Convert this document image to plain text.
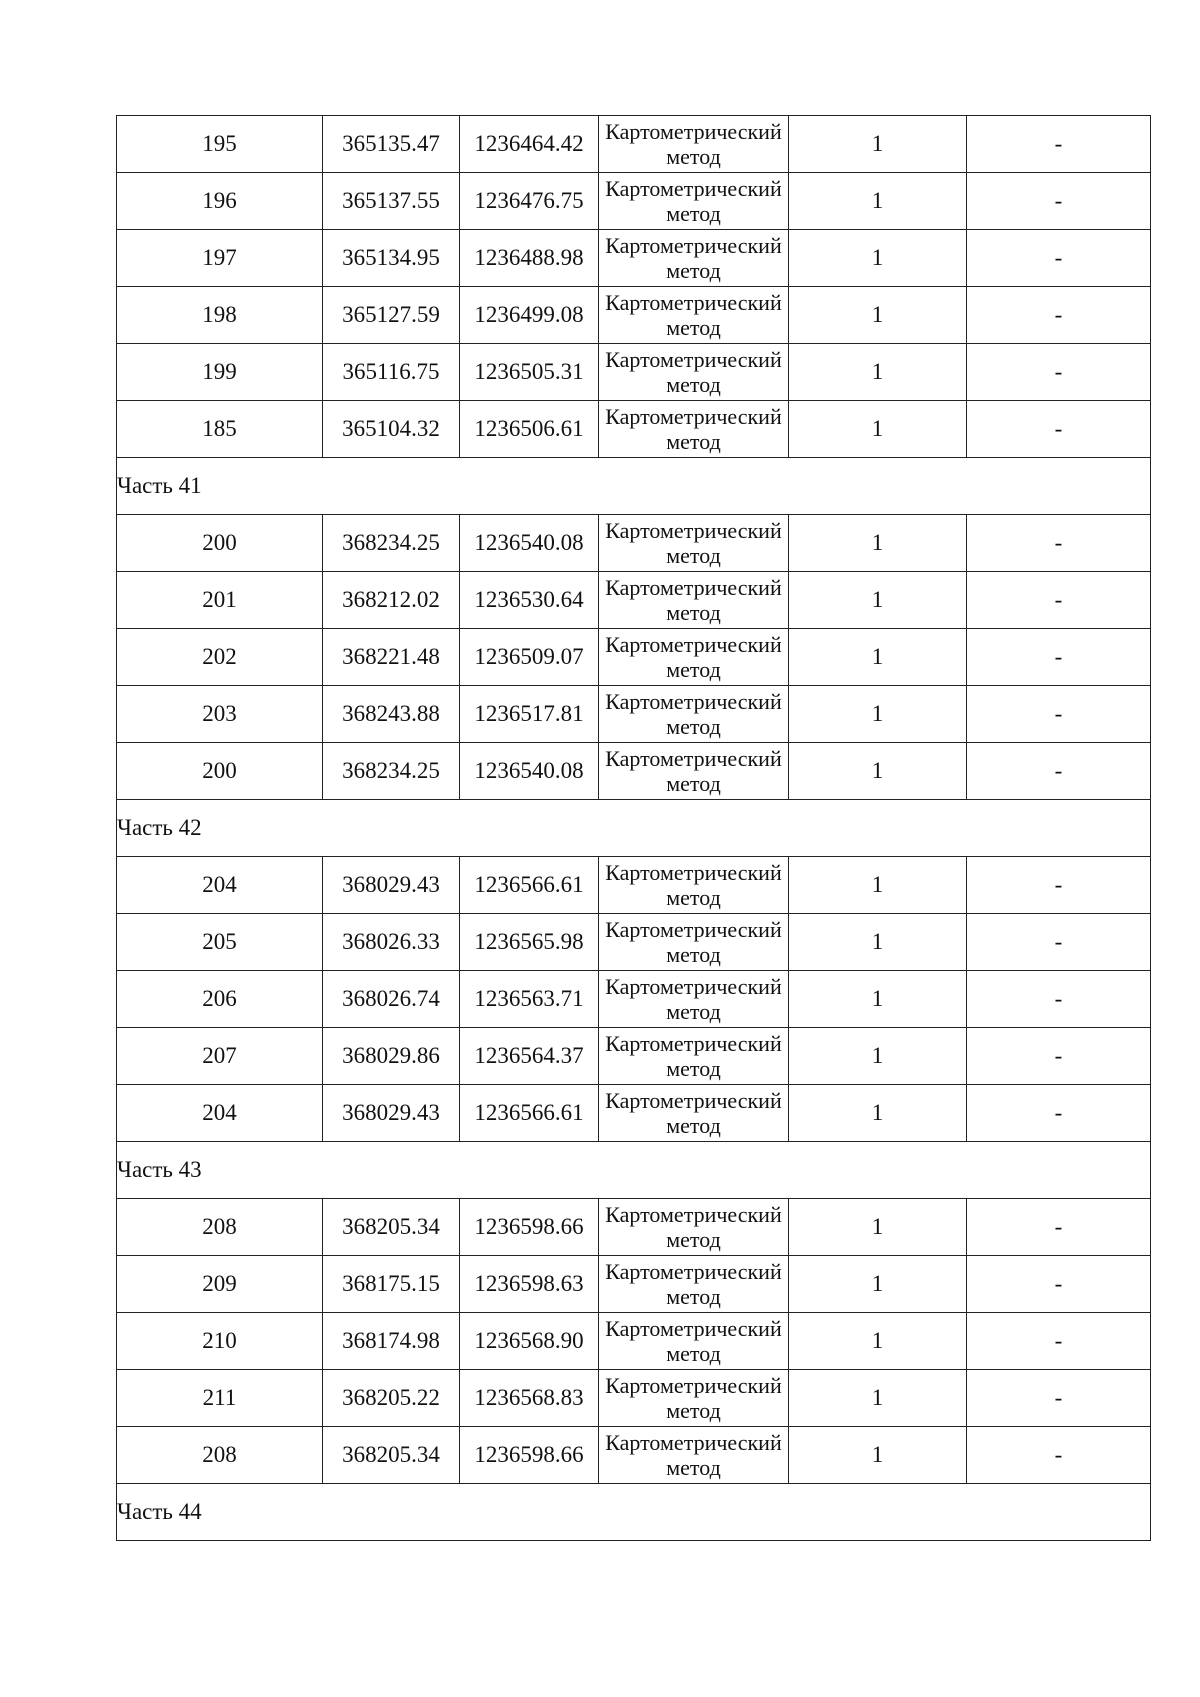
195	365135.47	1236464.42	Картометрический метод	1	-
196	365137.55	1236476.75	Картометрический метод	1	-
197	365134.95	1236488.98	Картометрический метод	1	-
198	365127.59	1236499.08	Картометрический метод	1	-
199	365116.75	1236505.31	Картометрический метод	1	-
185	365104.32	1236506.61	Картометрический метод	1	-
Часть 41					
200	368234.25	1236540.08	Картометрический метод	1	-
201	368212.02	1236530.64	Картометрический метод	1	-
202	368221.48	1236509.07	Картометрический метод	1	-
203	368243.88	1236517.81	Картометрический метод	1	-
200	368234.25	1236540.08	Картометрический метод	1	-
Часть 42					
204	368029.43	1236566.61	Картометрический метод	1	-
205	368026.33	1236565.98	Картометрический метод	1	-
206	368026.74	1236563.71	Картометрический метод	1	-
207	368029.86	1236564.37	Картометрический метод	1	-
204	368029.43	1236566.61	Картометрический метод	1	-
Часть 43					
208	368205.34	1236598.66	Картометрический метод	1	-
209	368175.15	1236598.63	Картометрический метод	1	-
210	368174.98	1236568.90	Картометрический метод	1	-
211	368205.22	1236568.83	Картометрический метод	1	-
208	368205.34	1236598.66	Картометрический метод	1	-
Часть 44					
